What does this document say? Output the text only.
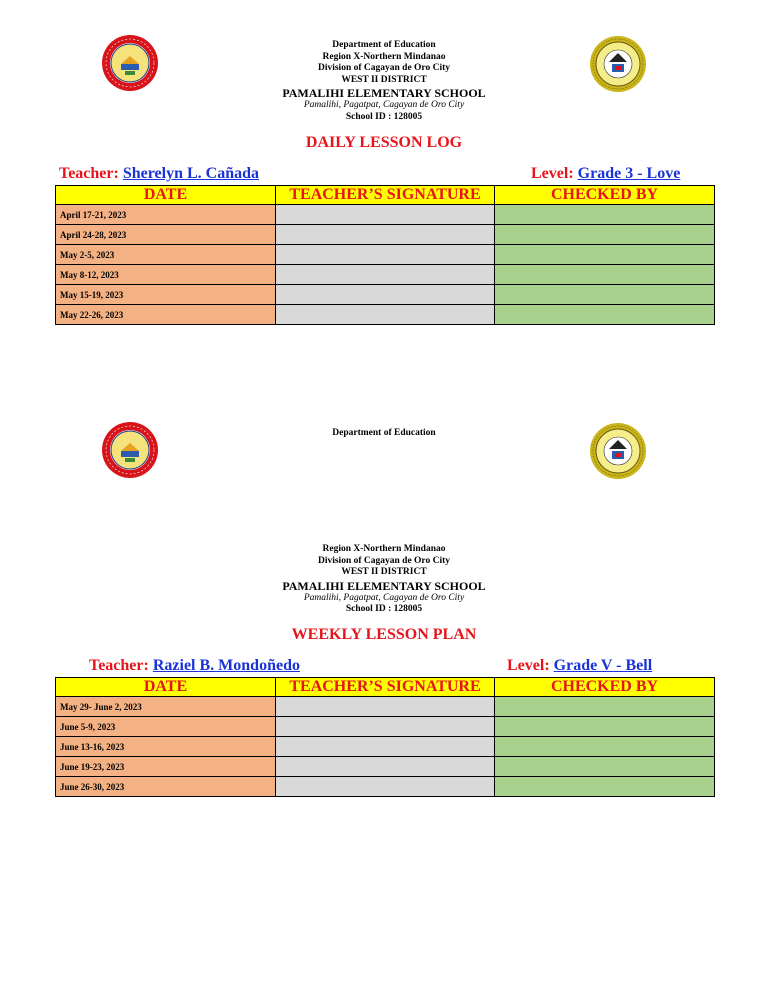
Department of Education
Region X-Northern Mindanao
Division of Cagayan de Oro City
WEST II DISTRICT
PAMALIHI ELEMENTARY SCHOOL
Pamalihi, Pagatpat, Cagayan de Oro City
School ID : 128005
DAILY LESSON LOG
Teacher: Sherelyn L. Cañada	Level: Grade 3 - Love
DATE	TEACHER’S SIGNATURE	CHECKED BY
April 17-21, 2023		
April 24-28, 2023		
May 2-5, 2023		
May 8-12, 2023		
May 15-19, 2023		
May 22-26, 2023		
Department of Education
Region X-Northern Mindanao
Division of Cagayan de Oro City
WEST II DISTRICT
PAMALIHI ELEMENTARY SCHOOL
Pamalihi, Pagatpat, Cagayan de Oro City
School ID : 128005
WEEKLY LESSON PLAN
Teacher: Raziel B. Mondoñedo	Level: Grade V - Bell
DATE	TEACHER’S SIGNATURE	CHECKED BY
May 29- June 2, 2023		
June 5-9, 2023		
June 13-16, 2023		
June 19-23, 2023		
June 26-30, 2023		
